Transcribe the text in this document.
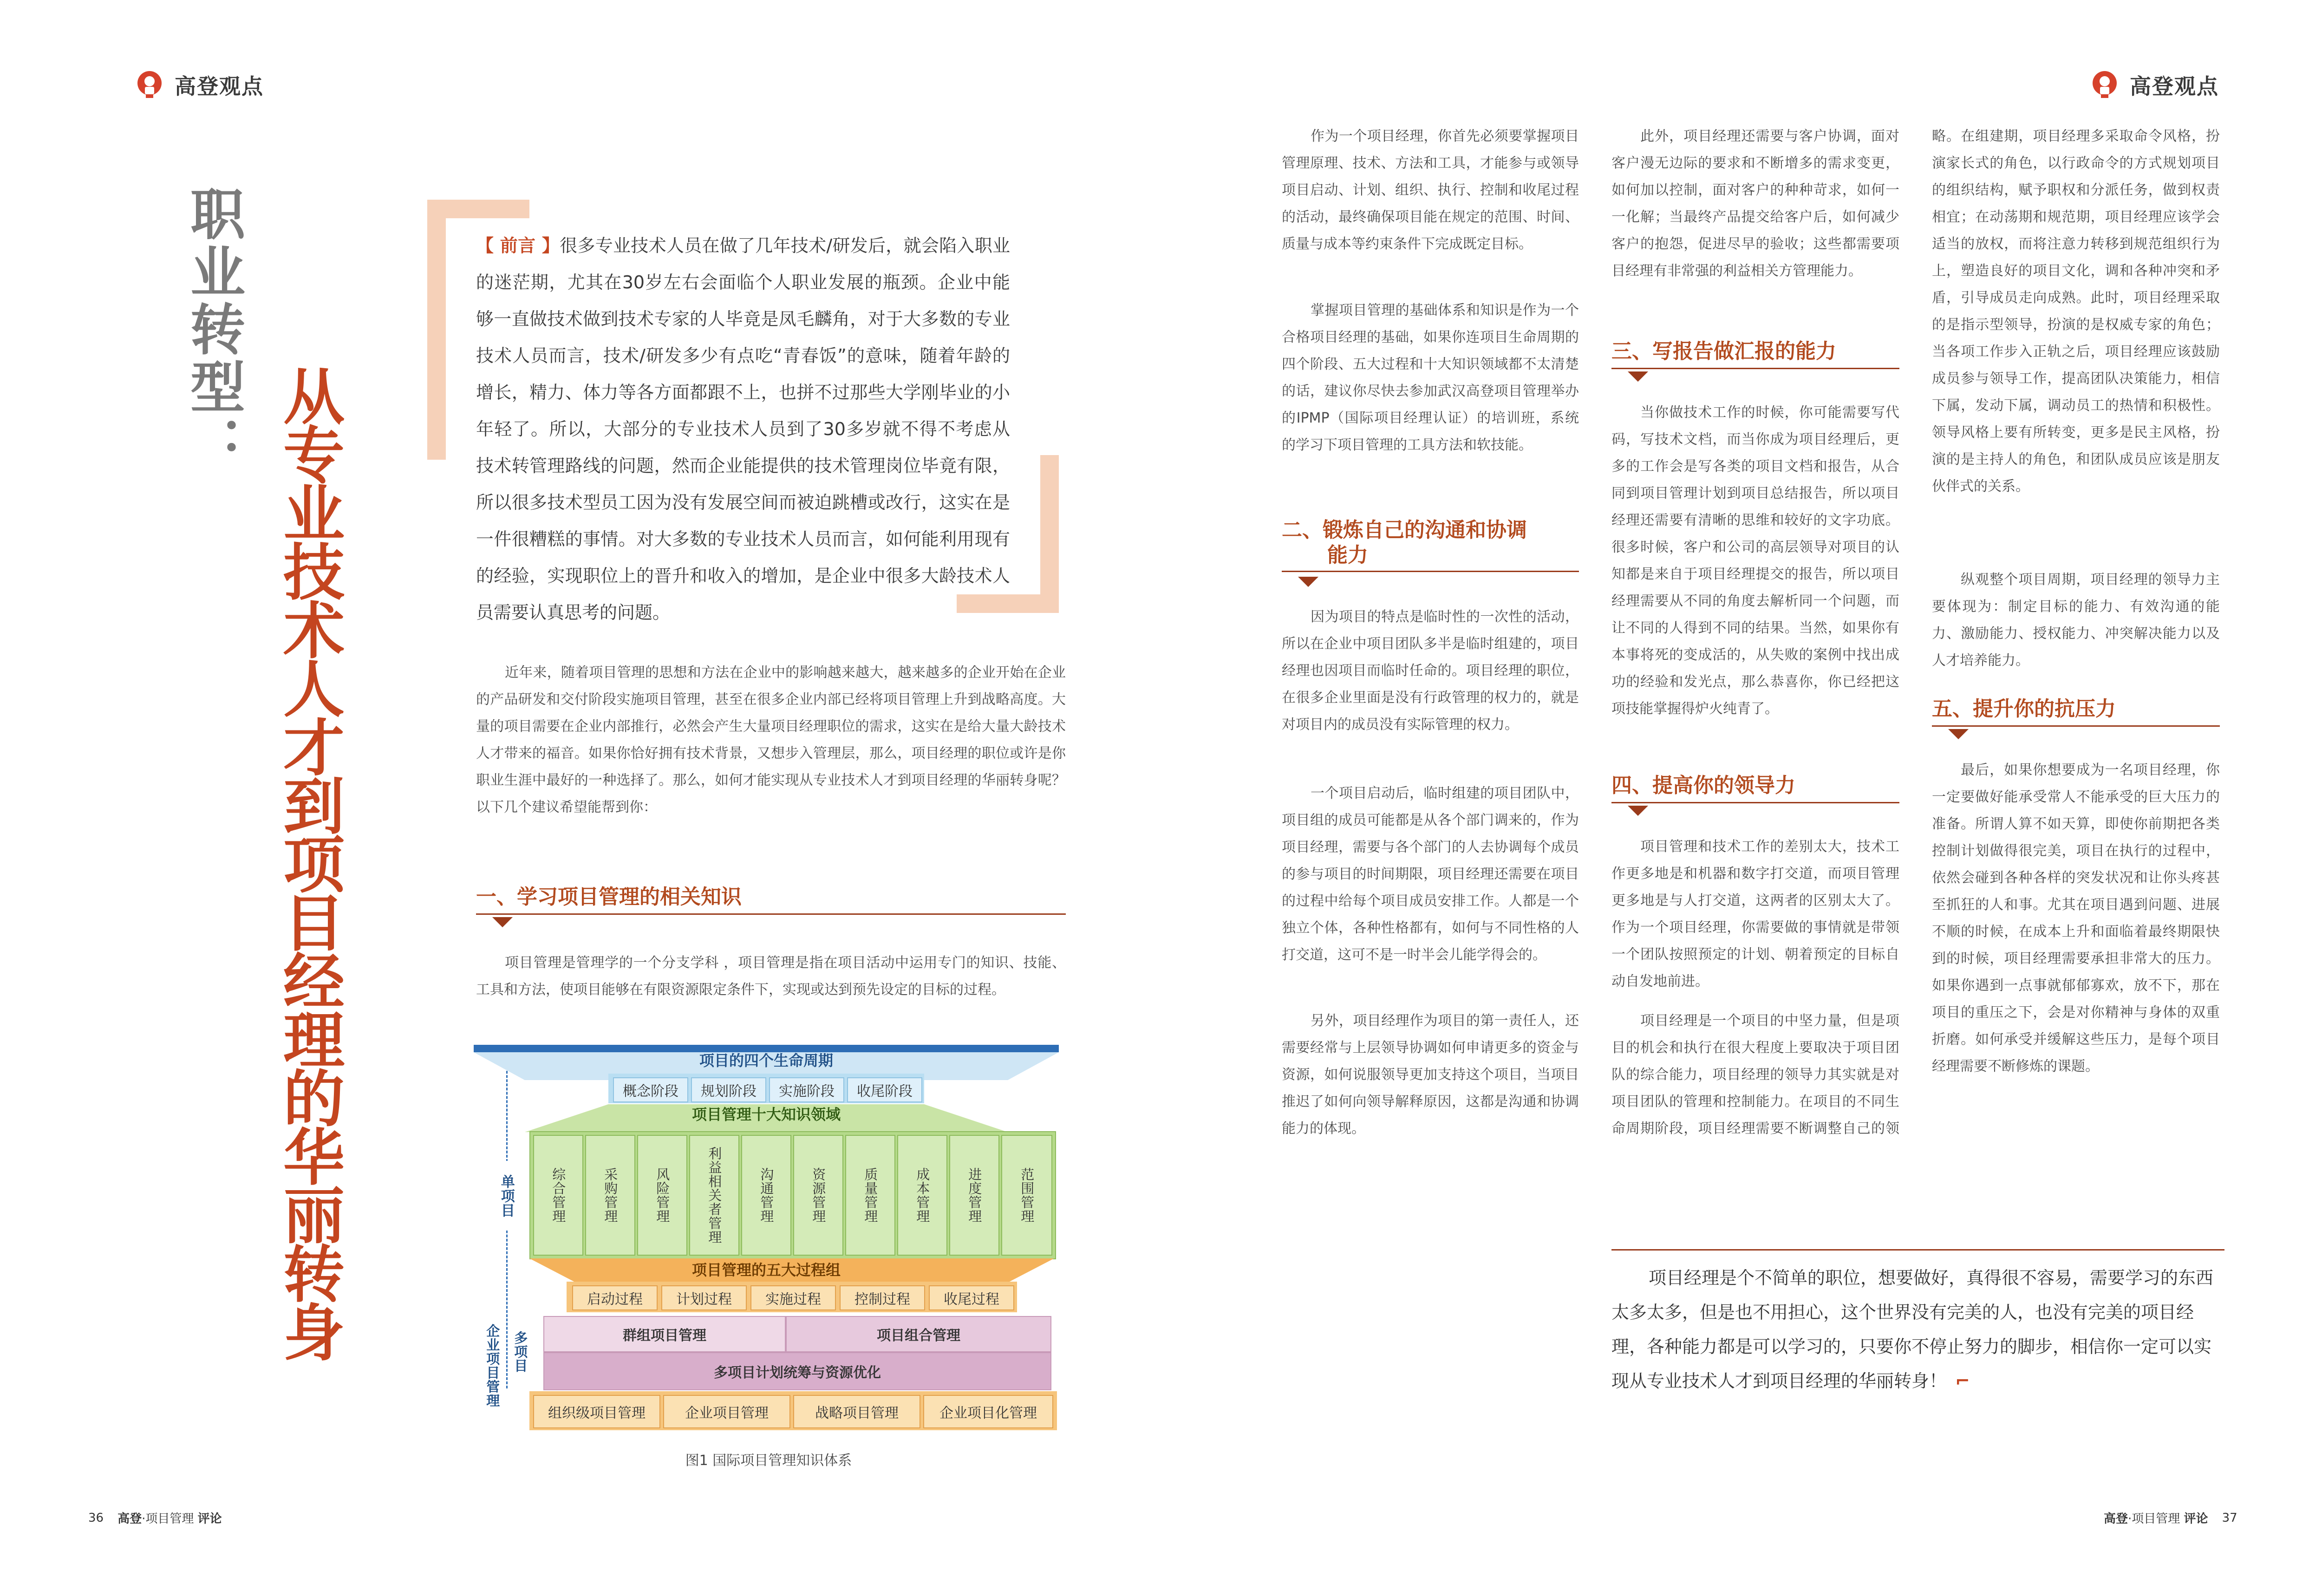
高登观点	高登观点
职业转型：
从专业技术人才到项目经理的华丽转身
【 前言 】很多专业技术人员在做了几年技术/研发后，就会陷入职业的迷茫期，尤其在30岁左右会面临个人职业发展的瓶颈。企业中能够一直做技术做到技术专家的人毕竟是凤毛麟角，对于大多数的专业技术人员而言，技术/研发多少有点吃“青春饭”的意味，随着年龄的增长，精力、体力等各方面都跟不上，也拼不过那些大学刚毕业的小年轻了。所以，大部分的专业技术人员到了30多岁就不得不考虑从技术转管理路线的问题，然而企业能提供的技术管理岗位毕竟有限，所以很多技术型员工因为没有发展空间而被迫跳槽或改行，这实在是一件很糟糕的事情。对大多数的专业技术人员而言，如何能利用现有的经验，实现职位上的晋升和收入的增加，是企业中很多大龄技术人员需要认真思考的问题。
近年来，随着项目管理的思想和方法在企业中的影响越来越大，越来越多的企业开始在企业的产品研发和交付阶段实施项目管理，甚至在很多企业内部已经将项目管理上升到战略高度。大量的项目需要在企业内部推行，必然会产生大量项目经理职位的需求，这实在是给大量大龄技术人才带来的福音。如果你恰好拥有技术背景，又想步入管理层，那么，项目经理的职位或许是你职业生涯中最好的一种选择了。那么，如何才能实现从专业技术人才到项目经理的华丽转身呢？以下几个建议希望能帮到你：
一、学习项目管理的相关知识
项目管理是管理学的一个分支学科 ，项目管理是指在项目活动中运用专门的知识、技能、工具和方法，使项目能够在有限资源限定条件下，实现或达到预先设定的目标的过程。
项目的四个生命周期
概念阶段	规划阶段	实施阶段	收尾阶段
项目管理十大知识领域
综合管理	采购管理	风险管理	利益相关者管理	沟通管理	资源管理	质量管理	成本管理	进度管理	范围管理
单项目
项目管理的五大过程组
启动过程	计划过程	实施过程	控制过程	收尾过程
企业项目管理 多项目	群组项目管理	项目组合管理
多项目计划统筹与资源优化
组织级项目管理	企业项目管理	战略项目管理	企业项目化管理
图1 国际项目管理知识体系
作为一个项目经理，你首先必须要掌握项目管理原理、技术、方法和工具，才能参与或领导项目启动、计划、组织、执行、控制和收尾过程的活动，最终确保项目能在规定的范围、时间、质量与成本等约束条件下完成既定目标。
掌握项目管理的基础体系和知识是作为一个合格项目经理的基础，如果你连项目生命周期的四个阶段、五大过程和十大知识领域都不太清楚的话，建议你尽快去参加武汉高登项目管理举办的IPMP（国际项目经理认证）的培训班，系统的学习下项目管理的工具方法和软技能。
二、锻炼自己的沟通和协调
能力
因为项目的特点是临时性的一次性的活动，所以在企业中项目团队多半是临时组建的，项目经理也因项目而临时任命的。项目经理的职位，在很多企业里面是没有行政管理的权力的，就是对项目内的成员没有实际管理的权力。
一个项目启动后，临时组建的项目团队中，项目组的成员可能都是从各个部门调来的，作为项目经理，需要与各个部门的人去协调每个成员的参与项目的时间期限，项目经理还需要在项目的过程中给每个项目成员安排工作。人都是一个独立个体，各种性格都有，如何与不同性格的人打交道，这可不是一时半会儿能学得会的。
另外，项目经理作为项目的第一责任人，还需要经常与上层领导协调如何申请更多的资金与资源，如何说服领导更加支持这个项目，当项目推迟了如何向领导解释原因，这都是沟通和协调能力的体现。
此外，项目经理还需要与客户协调，面对客户漫无边际的要求和不断增多的需求变更，如何加以控制，面对客户的种种苛求，如何一一化解；当最终产品提交给客户后，如何减少客户的抱怨，促进尽早的验收；这些都需要项目经理有非常强的利益相关方管理能力。
三、写报告做汇报的能力
当你做技术工作的时候，你可能需要写代码，写技术文档，而当你成为项目经理后，更多的工作会是写各类的项目文档和报告，从合同到项目管理计划到项目总结报告，所以项目经理还需要有清晰的思维和较好的文字功底。很多时候，客户和公司的高层领导对项目的认知都是来自于项目经理提交的报告，所以项目经理需要从不同的角度去解析同一个问题，而让不同的人得到不同的结果。当然，如果你有本事将死的变成活的，从失败的案例中找出成功的经验和发光点，那么恭喜你，你已经把这项技能掌握得炉火纯青了。
四、提高你的领导力
项目管理和技术工作的差别太大，技术工作更多地是和机器和数字打交道，而项目管理更多地是与人打交道，这两者的区别太大了。作为一个项目经理，你需要做的事情就是带领一个团队按照预定的计划、朝着预定的目标自动自发地前进。
项目经理是一个项目的中坚力量，但是项目的机会和执行在很大程度上要取决于项目团队的综合能力，项目经理的领导力其实就是对项目团队的管理和控制能力。在项目的不同生命周期阶段，项目经理需要不断调整自己的领
略。在组建期，项目经理多采取命令风格，扮演家长式的角色，以行政命令的方式规划项目的组织结构，赋予职权和分派任务，做到权责相宜；在动荡期和规范期，项目经理应该学会适当的放权，而将注意力转移到规范组织行为上，塑造良好的项目文化，调和各种冲突和矛盾，引导成员走向成熟。此时，项目经理采取的是指示型领导，扮演的是权威专家的角色；当各项工作步入正轨之后，项目经理应该鼓励成员参与领导工作，提高团队决策能力，相信下属，发动下属，调动员工的热情和积极性。领导风格上要有所转变，更多是民主风格，扮演的是主持人的角色，和团队成员应该是朋友伙伴式的关系。
纵观整个项目周期，项目经理的领导力主要体现为：制定目标的能力、有效沟通的能力、激励能力、授权能力、冲突解决能力以及人才培养能力。
五、提升你的抗压力
最后，如果你想要成为一名项目经理，你一定要做好能承受常人不能承受的巨大压力的准备。所谓人算不如天算，即使你前期把各类控制计划做得很完美，项目在执行的过程中，依然会碰到各种各样的突发状况和让你头疼甚至抓狂的人和事。尤其在项目遇到问题、进展不顺的时候，在成本上升和面临着最终期限快到的时候，项目经理需要承担非常大的压力。如果你遇到一点事就郁郁寡欢，放不下，那在项目的重压之下，会是对你精神与身体的双重折磨。如何承受并缓解这些压力，是每个项目经理需要不断修炼的课题。
项目经理是个不简单的职位，想要做好，真得很不容易，需要学习的东西太多太多，但是也不用担心，这个世界没有完美的人，也没有完美的项目经理，各种能力都是可以学习的，只要你不停止努力的脚步，相信你一定可以实现从专业技术人才到项目经理的华丽转身！ ⌐
36 高登·项目管理 评论	高登·项目管理 评论 37
